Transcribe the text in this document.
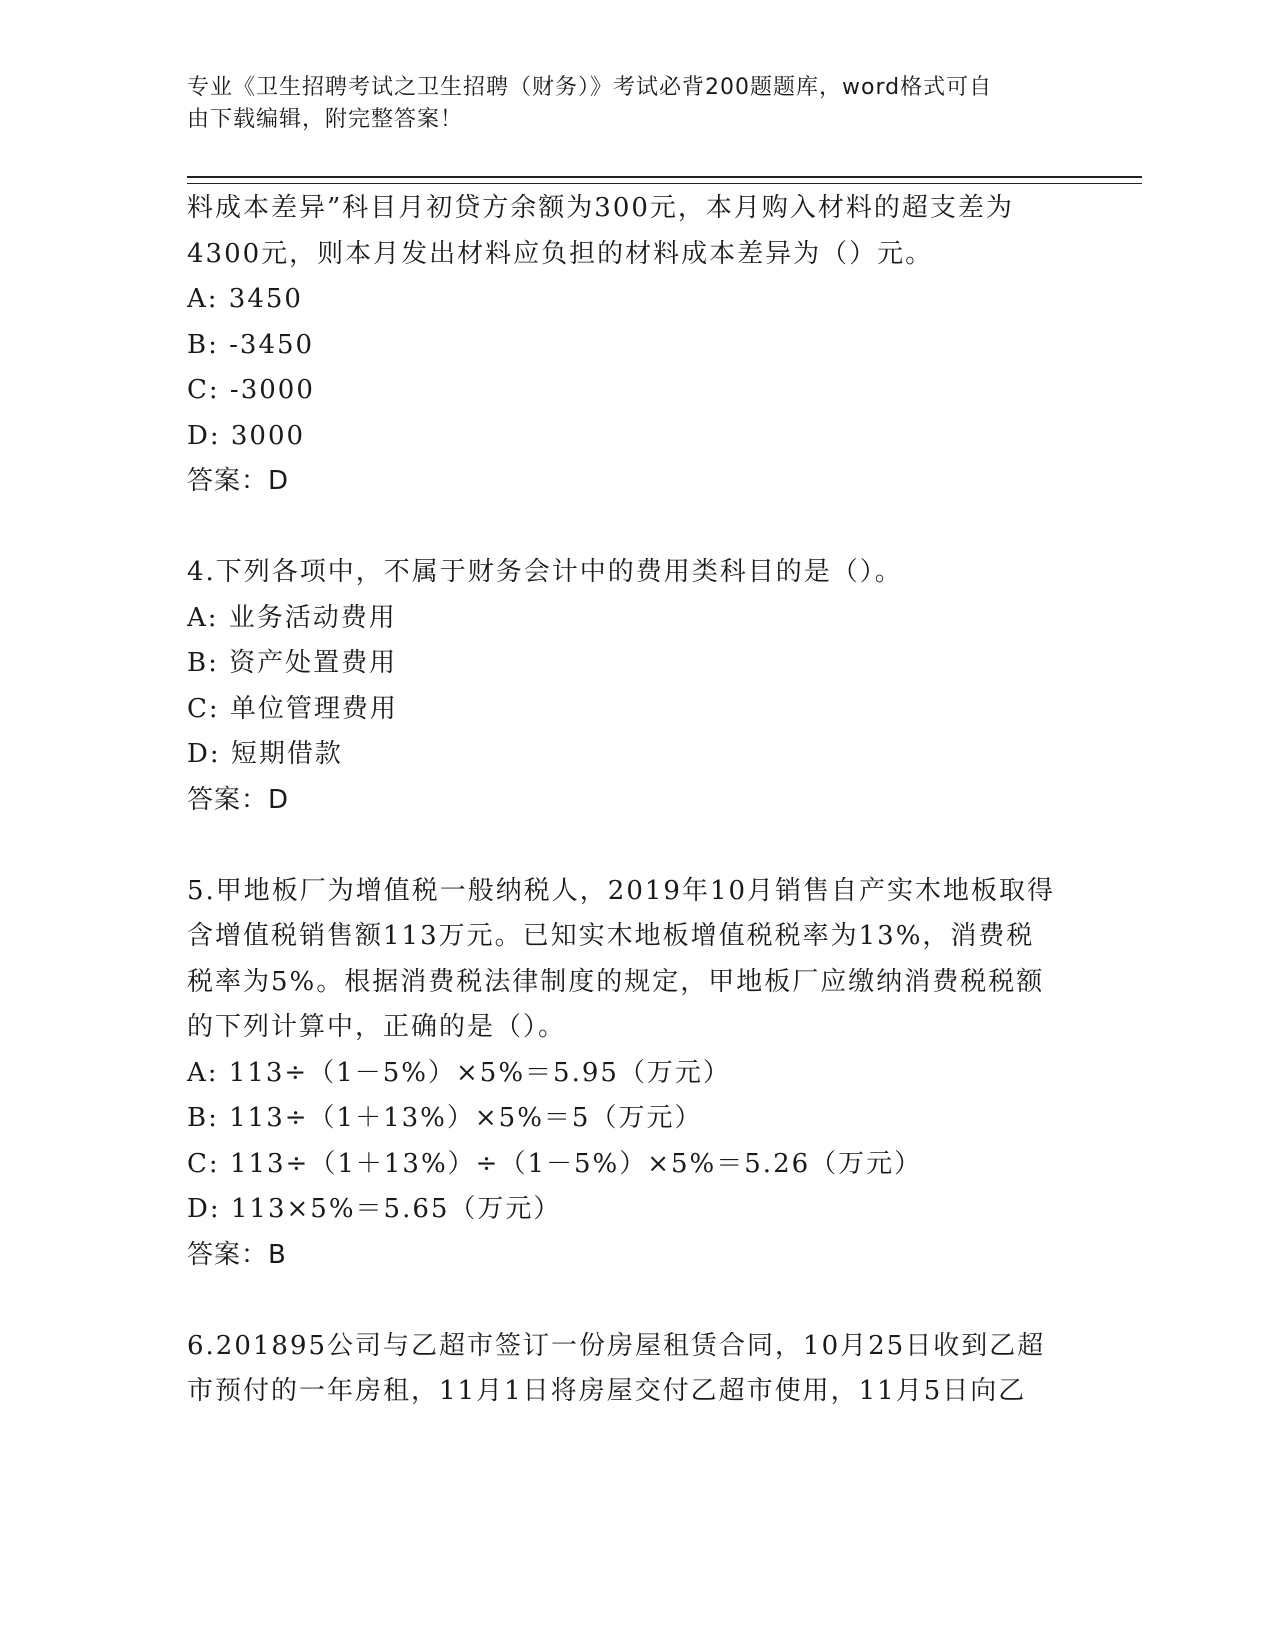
专业《卫生招聘考试之卫生招聘（财务）》考试必背200题题库，word格式可自
由下载编辑，附完整答案！
料成本差异”科目月初贷方余额为300元，本月购入材料的超支差为
4300元，则本月发出材料应负担的材料成本差异为（）元。
A: 3450
B: -3450
C: -3000
D: 3000
答案：D
4.下列各项中，不属于财务会计中的费用类科目的是（）。
A: 业务活动费用
B: 资产处置费用
C: 单位管理费用
D: 短期借款
答案：D
5.甲地板厂为增值税一般纳税人，2019年10月销售自产实木地板取得
含增值税销售额113万元。已知实木地板增值税税率为13%，消费税
税率为5%。根据消费税法律制度的规定，甲地板厂应缴纳消费税税额
的下列计算中，正确的是（）。
A: 113÷（1－5%）×5%＝5.95（万元）
B: 113÷（1＋13%）×5%＝5（万元）
C: 113÷（1＋13%）÷（1－5%）×5%＝5.26（万元）
D: 113×5%＝5.65（万元）
答案：B
6.201895公司与乙超市签订一份房屋租赁合同，10月25日收到乙超
市预付的一年房租，11月1日将房屋交付乙超市使用，11月5日向乙
